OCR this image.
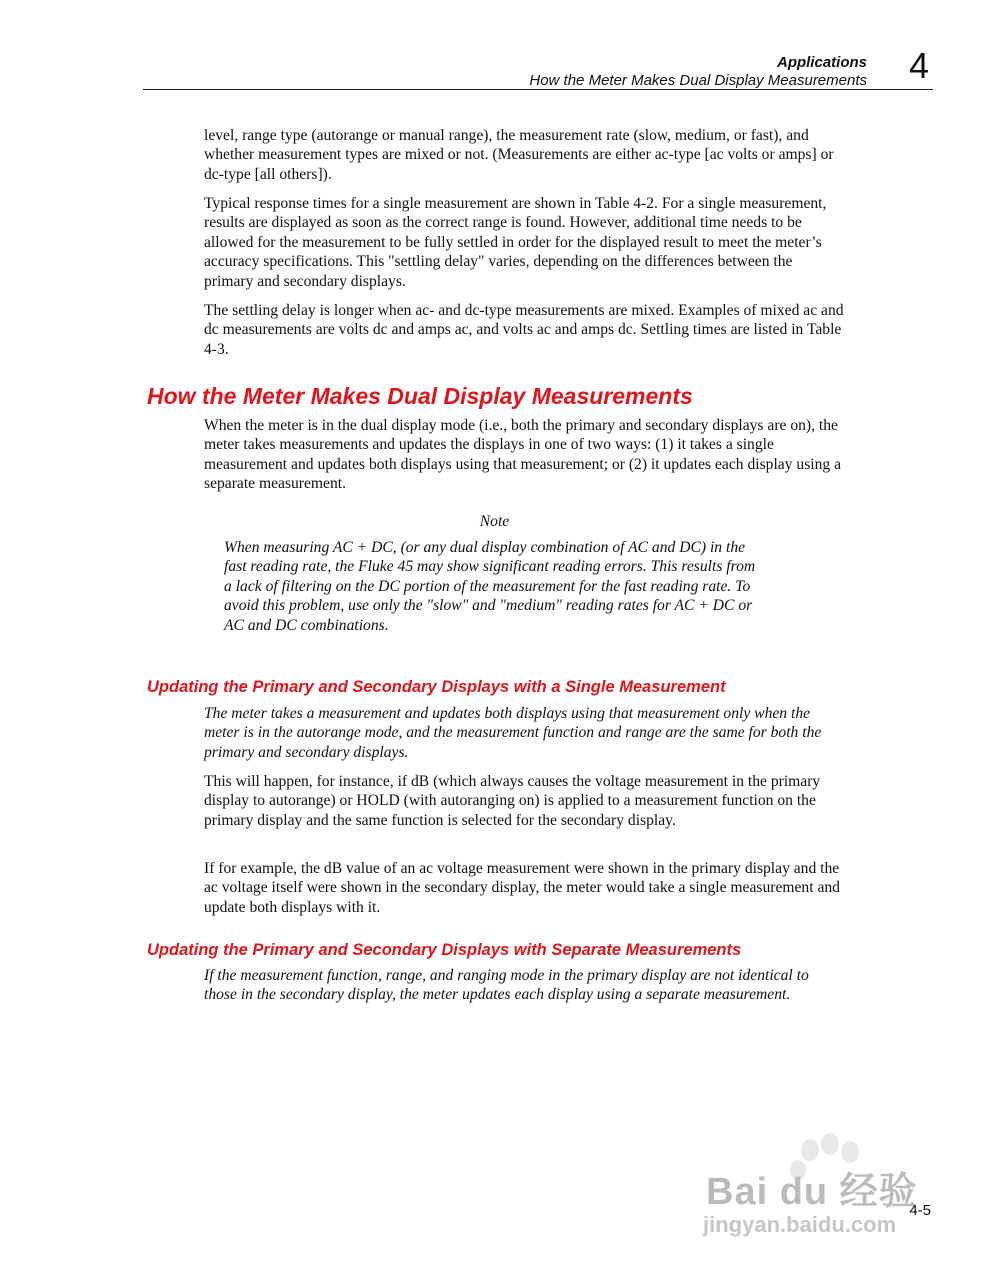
Applications
How the Meter Makes Dual Display Measurements 4
level, range type (autorange or manual range), the measurement rate (slow, medium, or fast), and whether measurement types are mixed or not. (Measurements are either ac-type [ac volts or amps] or dc-type [all others]).
Typical response times for a single measurement are shown in Table 4-2. For a single measurement, results are displayed as soon as the correct range is found. However, additional time needs to be allowed for the measurement to be fully settled in order for the displayed result to meet the meter’s accuracy specifications. This "settling delay" varies, depending on the differences between the primary and secondary displays.
The settling delay is longer when ac- and dc-type measurements are mixed. Examples of mixed ac and dc measurements are volts dc and amps ac, and volts ac and amps dc. Settling times are listed in Table 4-3.
How the Meter Makes Dual Display Measurements
When the meter is in the dual display mode (i.e., both the primary and secondary displays are on), the meter takes measurements and updates the displays in one of two ways: (1) it takes a single measurement and updates both displays using that measurement; or (2) it updates each display using a separate measurement.
Note
When measuring AC + DC, (or any dual display combination of AC and DC) in the fast reading rate, the Fluke 45 may show significant reading errors. This results from a lack of filtering on the DC portion of the measurement for the fast reading rate. To avoid this problem, use only the "slow" and "medium" reading rates for AC + DC or AC and DC combinations.
Updating the Primary and Secondary Displays with a Single Measurement
The meter takes a measurement and updates both displays using that measurement only when the meter is in the autorange mode, and the measurement function and range are the same for both the primary and secondary displays.
This will happen, for instance, if dB (which always causes the voltage measurement in the primary display to autorange) or HOLD (with autoranging on) is applied to a measurement function on the primary display and the same function is selected for the secondary display.
If for example, the dB value of an ac voltage measurement were shown in the primary display and the ac voltage itself were shown in the secondary display, the meter would take a single measurement and update both displays with it.
Updating the Primary and Secondary Displays with Separate Measurements
If the measurement function, range, and ranging mode in the primary display are not identical to those in the secondary display, the meter updates each display using a separate measurement.
Bai du 经验
jingyan.baidu.com
4-5
